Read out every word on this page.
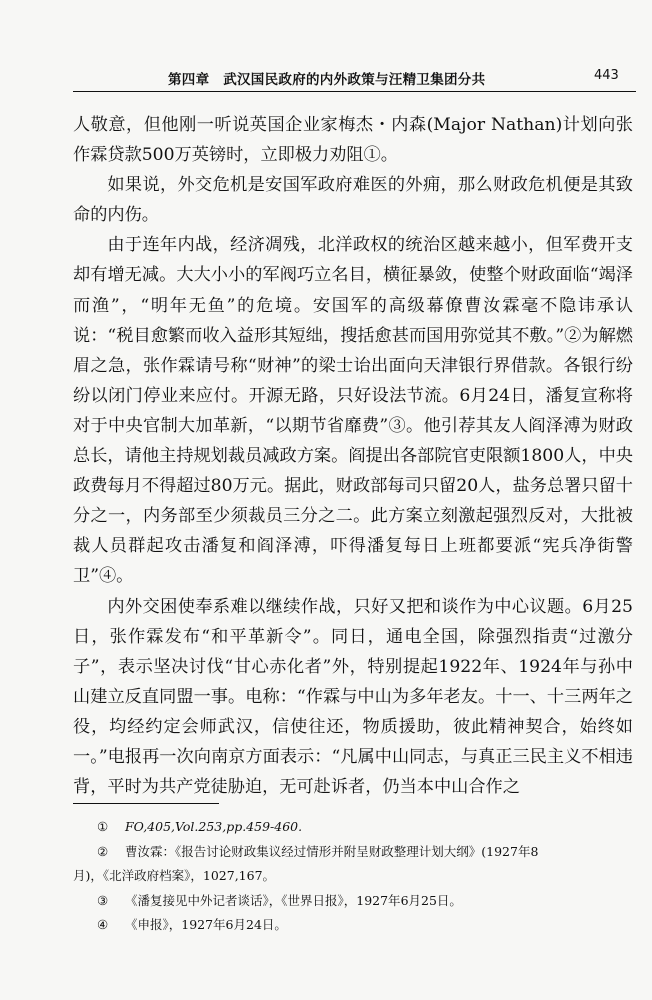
第四章　武汉国民政府的内外政策与汪精卫集团分共	443

人敬意，但他刚一听说英国企业家梅杰・内森(Major Nathan)计划向张作霖贷款500万英镑时，立即极力劝阻①。

如果说，外交危机是安国军政府难医的外痈，那么财政危机便是其致命的内伤。

由于连年内战，经济凋残，北洋政权的统治区越来越小，但军费开支却有增无减。大大小小的军阀巧立名目，横征暴敛，使整个财政面临“竭泽而渔”，“明年无鱼”的危境。安国军的高级幕僚曹汝霖毫不隐讳承认说：“税目愈繁而收入益形其短绌，搜括愈甚而国用弥觉其不敷。”②为解燃眉之急，张作霖请号称“财神”的梁士诒出面向天津银行界借款。各银行纷纷以闭门停业来应付。开源无路，只好设法节流。6月24日，潘复宣称将对于中央官制大加革新，“以期节省靡费”③。他引荐其友人阎泽溥为财政总长，请他主持规划裁员减政方案。阎提出各部院官吏限额1800人，中央政费每月不得超过80万元。据此，财政部每司只留20人，盐务总署只留十分之一，内务部至少须裁员三分之二。此方案立刻激起强烈反对，大批被裁人员群起攻击潘复和阎泽溥，吓得潘复每日上班都要派“宪兵净街警卫”④。

内外交困使奉系难以继续作战，只好又把和谈作为中心议题。6月25日，张作霖发布“和平革新令”。同日，通电全国，除强烈指责“过激分子”，表示坚决讨伐“甘心赤化者”外，特别提起1922年、1924年与孙中山建立反直同盟一事。电称：“作霖与中山为多年老友。十一、十三两年之役，均经约定会师武汉，信使往还，物质援助，彼此精神契合，始终如一。”电报再一次向南京方面表示：“凡属中山同志，与真正三民主义不相违背，平时为共产党徒胁迫，无可赴诉者，仍当本中山合作之

① FO,405,Vol.253,pp.459-460.
② 曹汝霖：《报告讨论财政集议经过情形并附呈财政整理计划大纲》(1927年8
月)，《北洋政府档案》，1027,167。
③ 《潘复接见中外记者谈话》，《世界日报》，1927年6月25日。
④ 《申报》，1927年6月24日。
